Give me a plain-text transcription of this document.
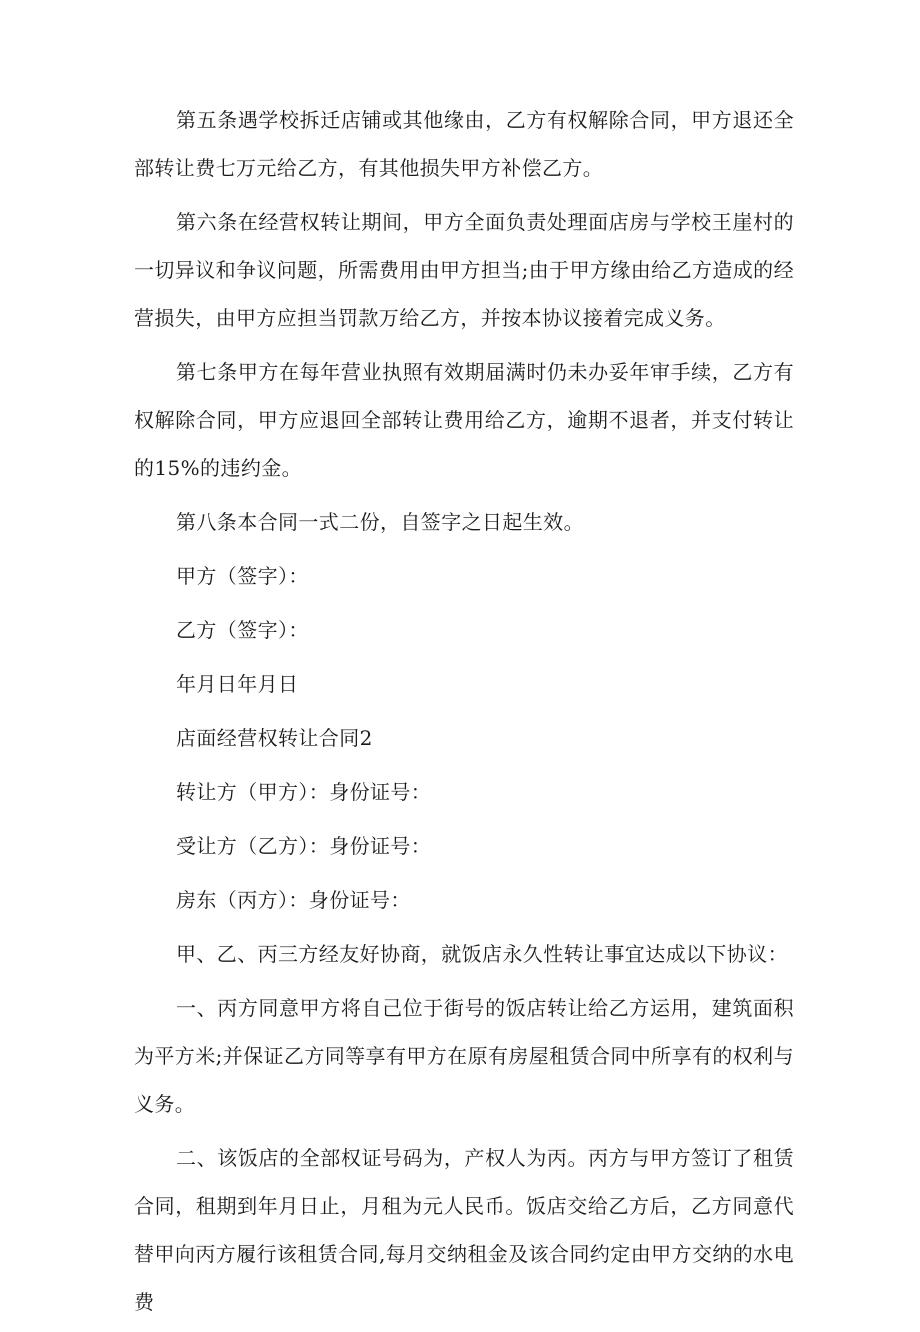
第五条遇学校拆迁店铺或其他缘由，乙方有权解除合同，甲方退还全部转让费七万元给乙方，有其他损失甲方补偿乙方。

第六条在经营权转让期间，甲方全面负责处理面店房与学校王崖村的一切异议和争议问题，所需费用由甲方担当;由于甲方缘由给乙方造成的经营损失，由甲方应担当罚款万给乙方，并按本协议接着完成义务。

第七条甲方在每年营业执照有效期届满时仍未办妥年审手续，乙方有权解除合同，甲方应退回全部转让费用给乙方，逾期不退者，并支付转让的15%的违约金。

第八条本合同一式二份，自签字之日起生效。

甲方（签字）：

乙方（签字）：

年月日年月日

店面经营权转让合同2

转让方（甲方）：身份证号：

受让方（乙方）：身份证号：

房东（丙方）：身份证号：

甲、乙、丙三方经友好协商，就饭店永久性转让事宜达成以下协议：

一、丙方同意甲方将自己位于街号的饭店转让给乙方运用，建筑面积为平方米;并保证乙方同等享有甲方在原有房屋租赁合同中所享有的权利与义务。

二、该饭店的全部权证号码为，产权人为丙。丙方与甲方签订了租赁合同，租期到年月日止，月租为元人民币。饭店交给乙方后，乙方同意代替甲向丙方履行该租赁合同,每月交纳租金及该合同约定由甲方交纳的水电费
